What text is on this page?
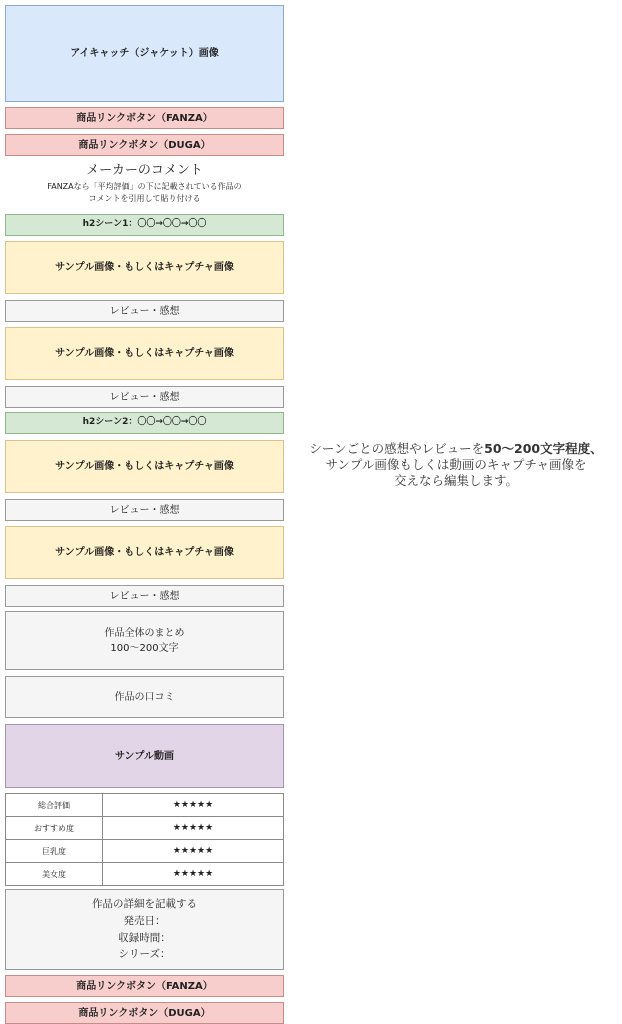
アイキャッチ（ジャケット）画像
商品リンクボタン（FANZA）
商品リンクボタン（DUGA）
メーカーのコメント
FANZAなら「平均評価」の下に記載されている作品の
コメントを引用して貼り付ける
h2シーン1：〇〇→〇〇→〇〇
サンプル画像・もしくはキャプチャ画像
レビュー・感想
サンプル画像・もしくはキャプチャ画像
レビュー・感想
h2シーン2：〇〇→〇〇→〇〇
サンプル画像・もしくはキャプチャ画像
レビュー・感想
サンプル画像・もしくはキャプチャ画像
レビュー・感想
作品全体のまとめ
100〜200文字
作品の口コミ
サンプル動画
総合評価	★★★★★
おすすめ度	★★★★★
巨乳度	★★★★★
美女度	★★★★★
作品の詳細を記載する
発売日：
収録時間：
シリーズ：
商品リンクボタン（FANZA）
商品リンクボタン（DUGA）
シーンごとの感想やレビューを50〜200文字程度、
サンプル画像もしくは動画のキャプチャ画像を
交えなら編集します。
